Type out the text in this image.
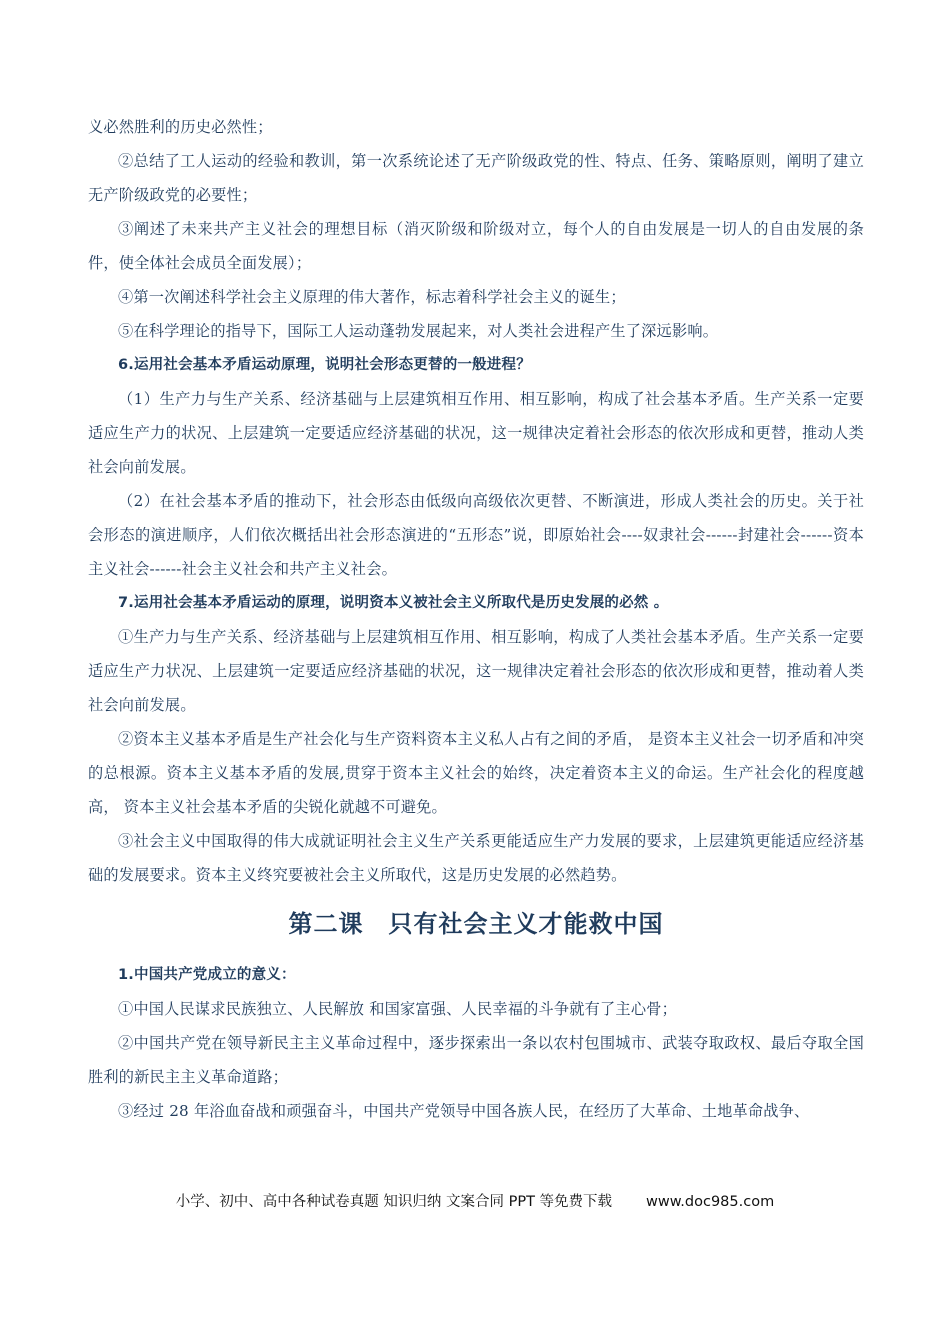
义必然胜利的历史必然性；

②总结了工人运动的经验和教训，第一次系统论述了无产阶级政党的性、特点、任务、策略原则，阐明了建立无产阶级政党的必要性；

③阐述了未来共产主义社会的理想目标（消灭阶级和阶级对立，每个人的自由发展是一切人的自由发展的条件，使全体社会成员全面发展）；

④第一次阐述科学社会主义原理的伟大著作，标志着科学社会主义的诞生；

⑤在科学理论的指导下，国际工人运动蓬勃发展起来，对人类社会进程产生了深远影响。

6.运用社会基本矛盾运动原理，说明社会形态更替的一般进程？

（1）生产力与生产关系、经济基础与上层建筑相互作用、相互影响，构成了社会基本矛盾。生产关系一定要适应生产力的状况、上层建筑一定要适应经济基础的状况，这一规律决定着社会形态的依次形成和更替，推动人类社会向前发展。

（2）在社会基本矛盾的推动下，社会形态由低级向高级依次更替、不断演进，形成人类社会的历史。关于社会形态的演进顺序，人们依次概括出社会形态演进的“五形态”说，即原始社会----奴隶社会------封建社会------资本主义社会------社会主义社会和共产主义社会。

7.运用社会基本矛盾运动的原理，说明资本义被社会主义所取代是历史发展的必然 。

①生产力与生产关系、经济基础与上层建筑相互作用、相互影响，构成了人类社会基本矛盾。生产关系一定要适应生产力状况、上层建筑一定要适应经济基础的状况，这一规律决定着社会形态的依次形成和更替，推动着人类社会向前发展。

②资本主义基本矛盾是生产社会化与生产资料资本主义私人占有之间的矛盾， 是资本主义社会一切矛盾和冲突的总根源。资本主义基本矛盾的发展,贯穿于资本主义社会的始终，决定着资本主义的命运。生产社会化的程度越高， 资本主义社会基本矛盾的尖锐化就越不可避免。

③社会主义中国取得的伟大成就证明社会主义生产关系更能适应生产力发展的要求，上层建筑更能适应经济基础的发展要求。资本主义终究要被社会主义所取代，这是历史发展的必然趋势。

第二课　只有社会主义才能救中国

1.中国共产党成立的意义：

①中国人民谋求民族独立、人民解放 和国家富强、人民幸福的斗争就有了主心骨；

②中国共产党在领导新民主主义革命过程中，逐步探索出一条以农村包围城市、武装夺取政权、最后夺取全国胜利的新民主主义革命道路；

③经过 28 年浴血奋战和顽强奋斗，中国共产党领导中国各族人民，在经历了大革命、土地革命战争、

小学、初中、高中各种试卷真题 知识归纳 文案合同 PPT 等免费下载 www.doc985.com
